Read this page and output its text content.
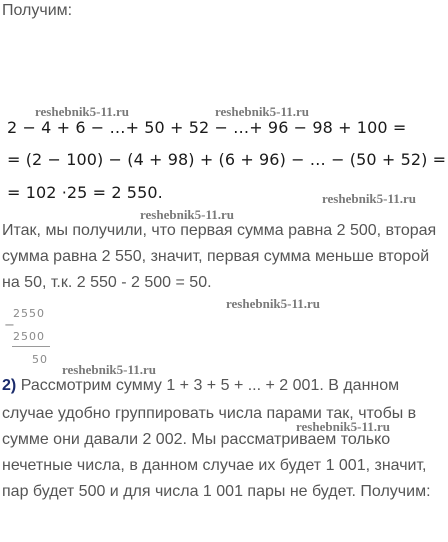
Получим:
reshebnik5-11.ru	reshebnik5-11.ru
reshebnik5-11.ru
reshebnik5-11.ru
reshebnik5-11.ru
reshebnik5-11.ru
reshebnik5-11.ru
2 − 4 + 6 − …+ 50 + 52 − …+ 96 − 98 + 100 =
= (2 − 100) − (4 + 98) + (6 + 96) − … − (50 + 52) =
= 102 ·25 = 2 550.
Итак, мы получили, что первая сумма равна 2 500, вторая
сумма равна 2 550, значит, первая сумма меньше второй
на 50, т.к. 2 550 - 2 500 = 50.
−
2550
2500
50
2) Рассмотрим сумму 1 + 3 + 5 + ... + 2 001. В данном
случае удобно группировать числа парами так, чтобы в
сумме они давали 2 002. Мы рассматриваем только
нечетные числа, в данном случае их будет 1 001, значит,
пар будет 500 и для числа 1 001 пары не будет. Получим:
